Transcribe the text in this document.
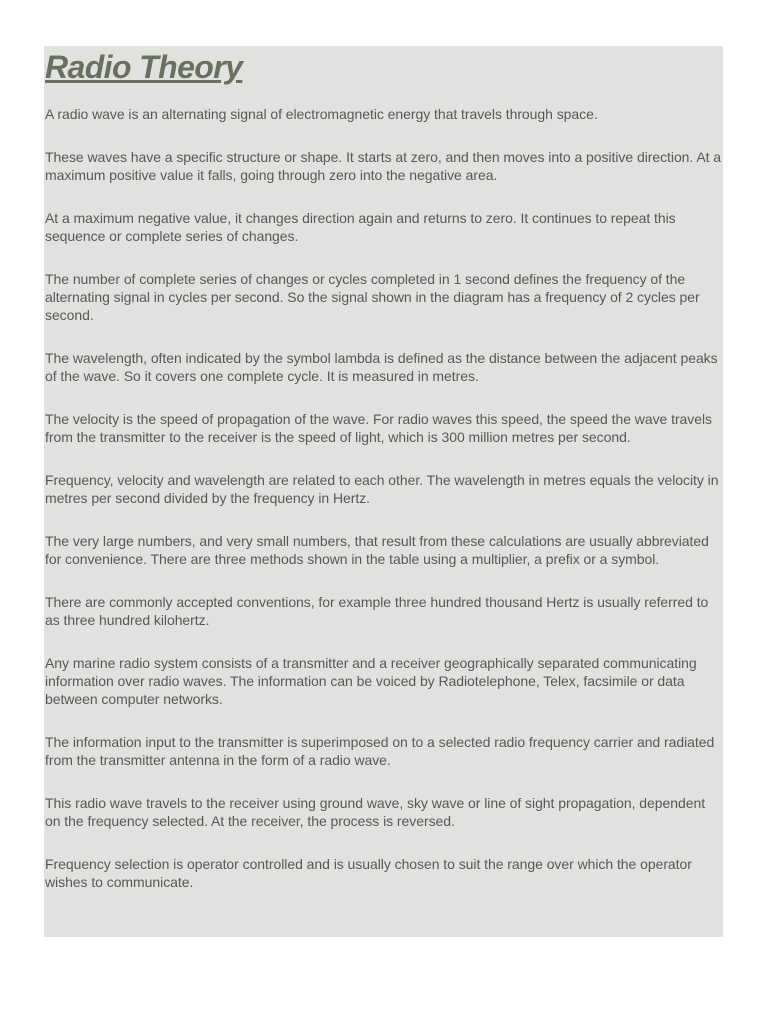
Radio Theory

A radio wave is an alternating signal of electromagnetic energy that travels through space.

These waves have a specific structure or shape. It starts at zero, and then moves into a positive direction. At a maximum positive value it falls, going through zero into the negative area.

At a maximum negative value, it changes direction again and returns to zero. It continues to repeat this sequence or complete series of changes.

The number of complete series of changes or cycles completed in 1 second defines the frequency of the alternating signal in cycles per second. So the signal shown in the diagram has a frequency of 2 cycles per second.

The wavelength, often indicated by the symbol lambda is defined as the distance between the adjacent peaks of the wave. So it covers one complete cycle. It is measured in metres.

The velocity is the speed of propagation of the wave. For radio waves this speed, the speed the wave travels from the transmitter to the receiver is the speed of light, which is 300 million metres per second.

Frequency, velocity and wavelength are related to each other. The wavelength in metres equals the velocity in metres per second divided by the frequency in Hertz.

The very large numbers, and very small numbers, that result from these calculations are usually abbreviated for convenience. There are three methods shown in the table using a multiplier, a prefix or a symbol.

There are commonly accepted conventions, for example three hundred thousand Hertz is usually referred to as three hundred kilohertz.

Any marine radio system consists of a transmitter and a receiver geographically separated communicating information over radio waves. The information can be voiced by Radiotelephone, Telex, facsimile or data between computer networks.

The information input to the transmitter is superimposed on to a selected radio frequency carrier and radiated from the transmitter antenna in the form of a radio wave.

This radio wave travels to the receiver using ground wave, sky wave or line of sight propagation, dependent on the frequency selected. At the receiver, the process is reversed.

Frequency selection is operator controlled and is usually chosen to suit the range over which the operator wishes to communicate.
